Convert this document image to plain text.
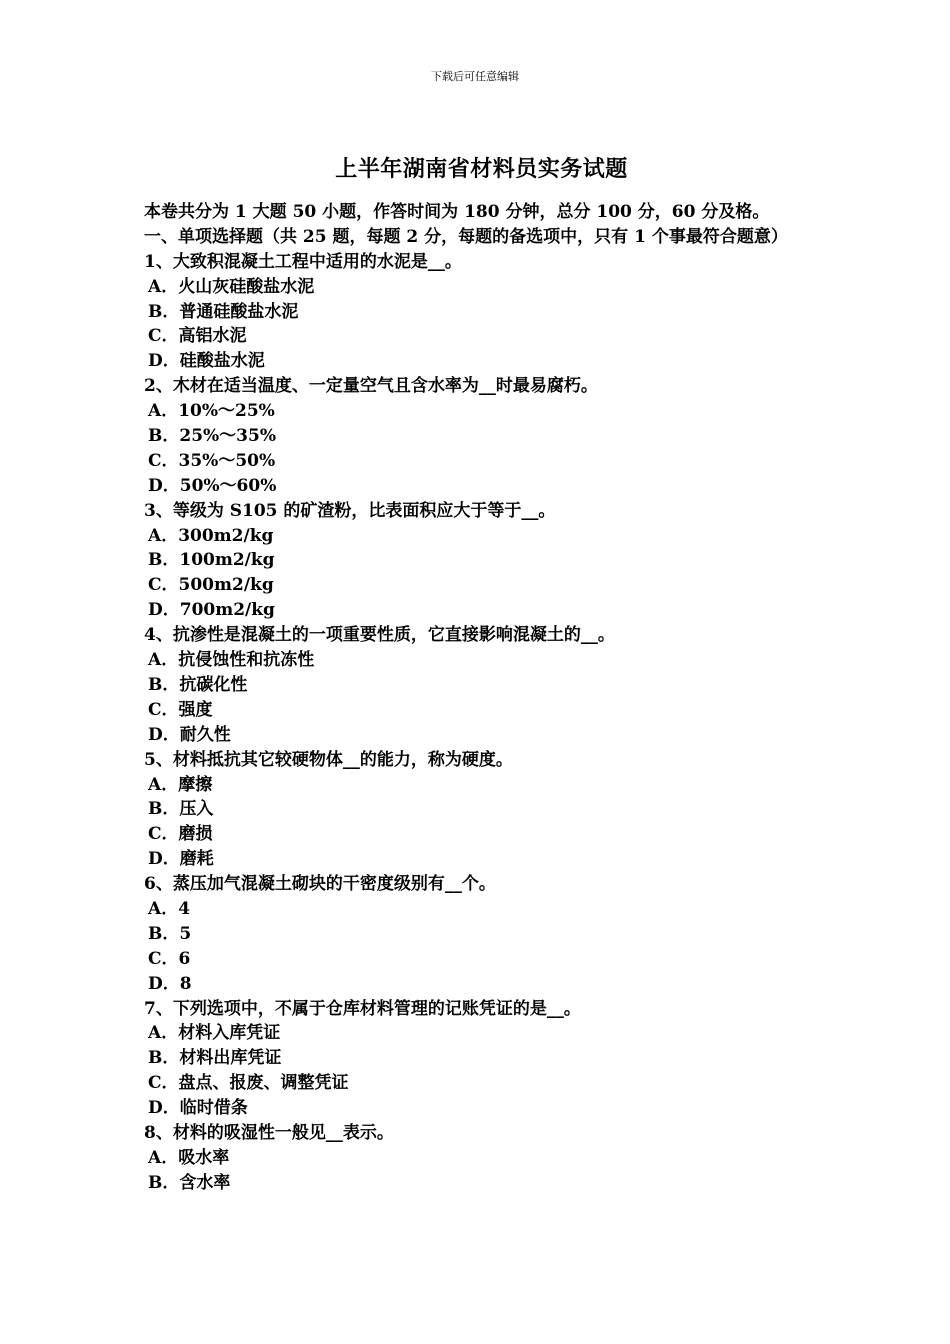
下载后可任意编辑
上半年湖南省材料员实务试题
本卷共分为 1 大题 50 小题，作答时间为 180 分钟，总分 100 分，60 分及格。
一、单项选择题（共 25 题，每题 2 分，每题的备选项中，只有 1 个事最符合题意）
1、大致积混凝土工程中适用的水泥是__。
A．火山灰硅酸盐水泥
B．普通硅酸盐水泥
C．高铝水泥
D．硅酸盐水泥
2、木材在适当温度、一定量空气且含水率为__时最易腐朽。
A．10%～25%
B．25%～35%
C．35%～50%
D．50%～60%
3、等级为 S105 的矿渣粉，比表面积应大于等于__。
A．300m2/kg
B．100m2/kg
C．500m2/kg
D．700m2/kg
4、抗渗性是混凝土的一项重要性质，它直接影响混凝土的__。
A．抗侵蚀性和抗冻性
B．抗碳化性
C．强度
D．耐久性
5、材料抵抗其它较硬物体__的能力，称为硬度。
A．摩擦
B．压入
C．磨损
D．磨耗
6、蒸压加气混凝土砌块的干密度级别有__个。
A．4
B．5
C．6
D．8
7、下列选项中，不属于仓库材料管理的记账凭证的是__。
A．材料入库凭证
B．材料出库凭证
C．盘点、报废、调整凭证
D．临时借条
8、材料的吸湿性一般见__表示。
A．吸水率
B．含水率
